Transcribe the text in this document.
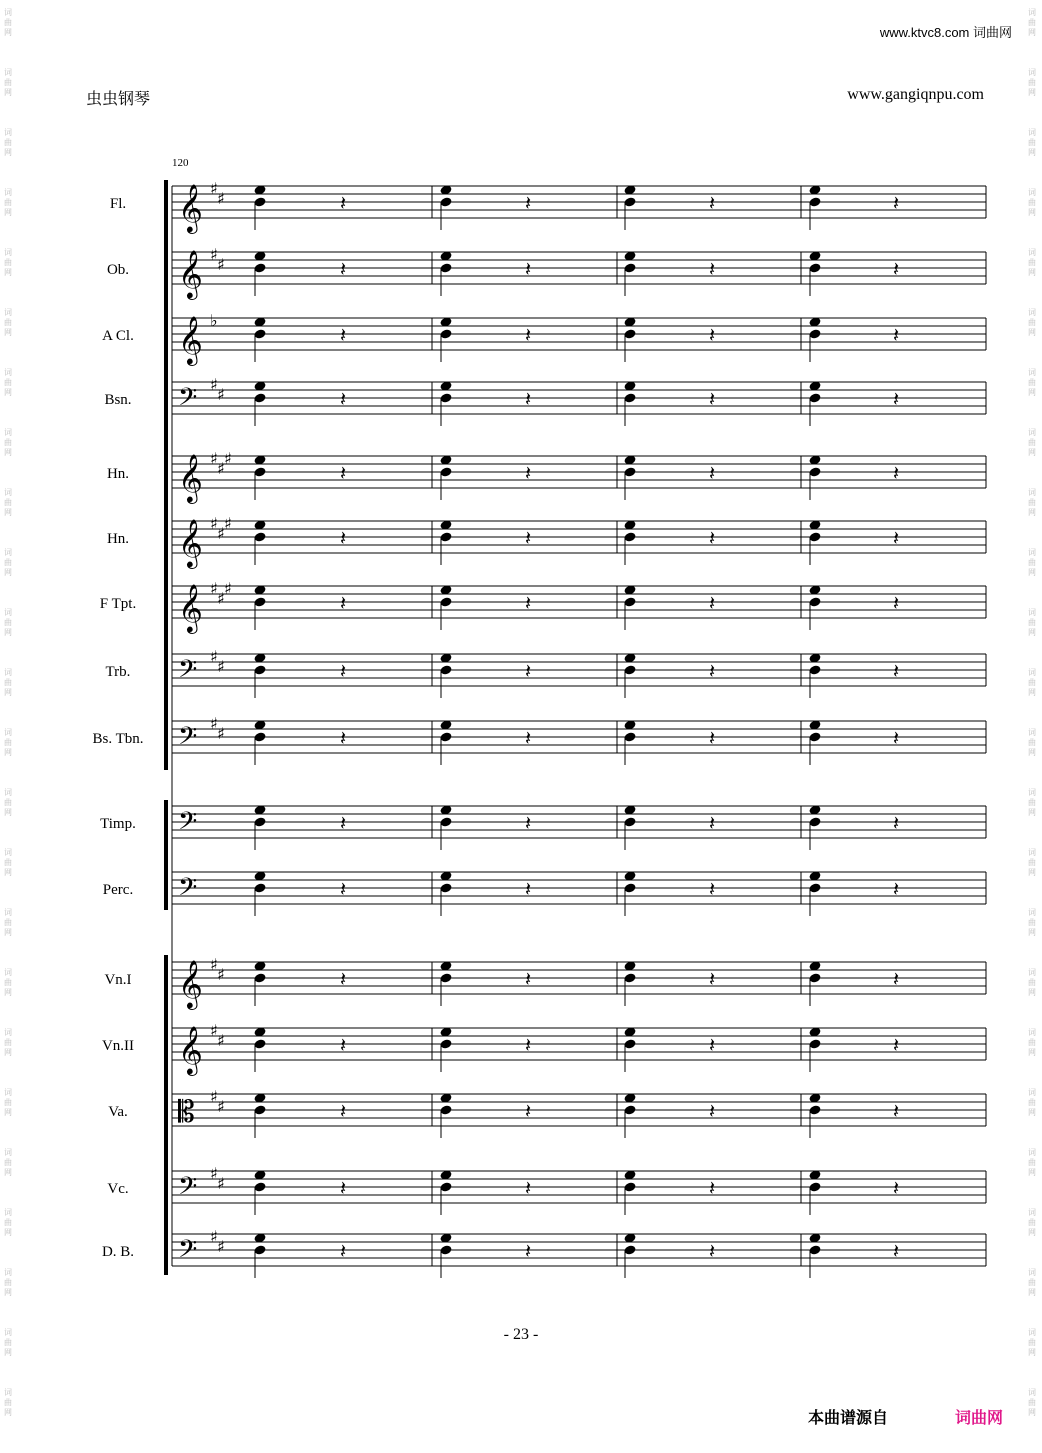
www.ktvc8.com 词曲网
虫虫钢琴	www.gangiqnpu.com
词
曲
网
词
曲
网
词
曲
网
词
曲
网
词
曲
网
词
曲
网
词
曲
网
词
曲
网
词
曲
网
词
曲
网
词
曲
网
词
曲
网
词
曲
网
词
曲
网
词
曲
网
词
曲
网
词
曲
网
词
曲
网
词
曲
网
词
曲
网
词
曲
网
词
曲
网
词
曲
网
词
曲
网
词
曲
网
词
曲
网
词
曲
网
词
曲
网
词
曲
网
词
曲
网
词
曲
网
词
曲
网
词
曲
网
词
曲
网
词
曲
网
词
曲
网
词
曲
网
词
曲
网
词
曲
网
词
曲
网
词
曲
网
词
曲
网
词
曲
网
词
曲
网
词
曲
网
词
曲
网
词
曲
网
词
曲
网
120
𝄞 ♯
♯	𝄽	𝄽	𝄽	𝄽
𝄞 ♯
♯	𝄽	𝄽	𝄽	𝄽
𝄞 ♭
𝄽	𝄽	𝄽	𝄽
𝄢 ♯
♯	𝄽	𝄽	𝄽	𝄽
𝄞 ♯
♯
♯
𝄽	𝄽	𝄽	𝄽
𝄞 ♯
♯
♯
𝄽	𝄽	𝄽	𝄽
𝄞 ♯
♯
♯
𝄽	𝄽	𝄽	𝄽
𝄢 ♯
♯	𝄽	𝄽	𝄽	𝄽
𝄢 ♯
♯	𝄽	𝄽	𝄽	𝄽
𝄢	𝄽	𝄽	𝄽	𝄽
𝄢	𝄽	𝄽	𝄽	𝄽
𝄞 ♯
♯	𝄽	𝄽	𝄽	𝄽
𝄞 ♯
♯	𝄽	𝄽	𝄽	𝄽
𝄡 ♯
♯	𝄽	𝄽	𝄽	𝄽
𝄢 ♯
♯	𝄽	𝄽	𝄽	𝄽
𝄢 ♯
♯	𝄽	𝄽	𝄽	𝄽
Fl.
Ob.
A Cl.
Bsn.
Hn.
Hn.
F Tpt.
Trb.
Bs. Tbn.
Timp.
Perc.
Vn.I
Vn.II
Va.
Vc.
D. B.
- 23 -
本曲谱源自	词曲网
